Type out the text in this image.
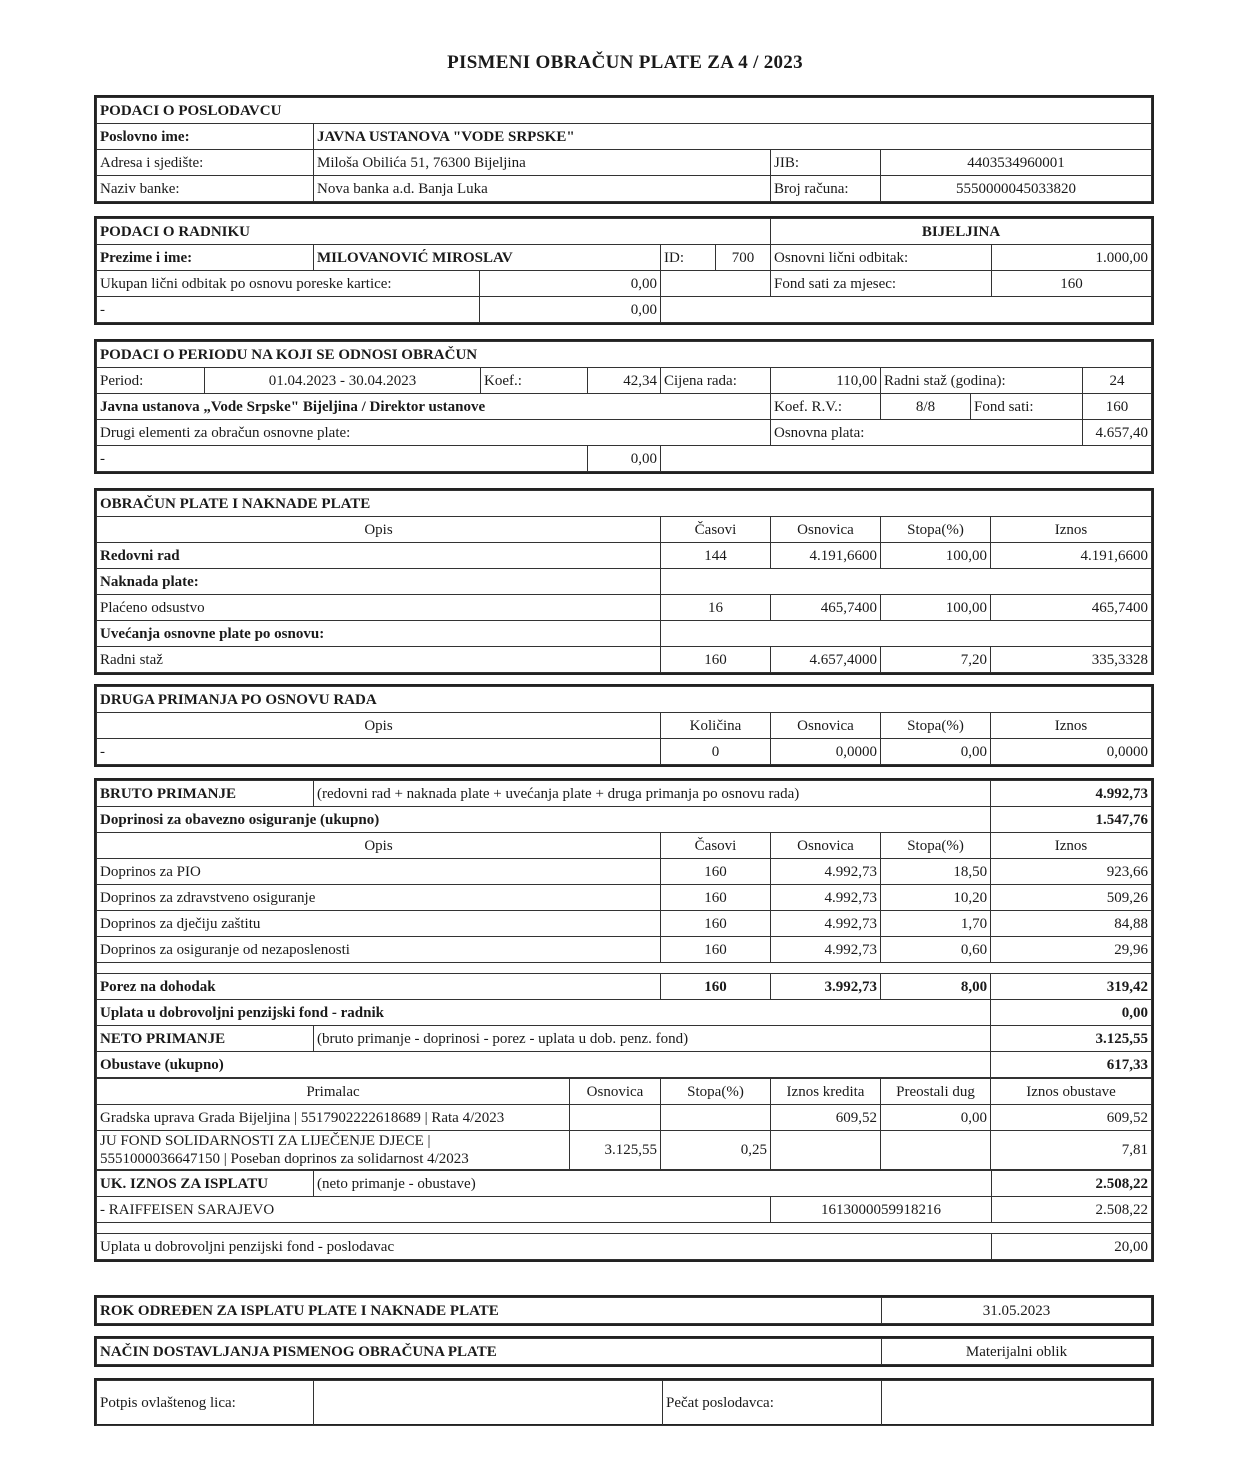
PISMENI OBRAČUN PLATE ZA 4 / 2023
PODACI O POSLODAVCU			
Poslovno ime:	JAVNA USTANOVA "VODE SRPSKE"		
Adresa i sjedište:	Miloša Obilića 51, 76300 Bijeljina	JIB:	4403534960001
Naziv banke:	Nova banka a.d. Banja Luka	Broj računa:	5550000045033820
PODACI O RADNIKU					BIJELJINA	
Prezime i ime:	MILOVANOVIĆ MIROSLAV		ID:	700	Osnovni lični odbitak:	1.000,00
Ukupan lični odbitak po osnovu poreske kartice:		0,00			Fond sati za mjesec:	160
-		0,00				
PODACI O PERIODU NA KOJI SE ODNOSI OBRAČUN								
Period:	01.04.2023 - 30.04.2023	Koef.:	42,34	Cijena rada:	110,00	Radni staž (godina):		24
Javna ustanova „Vode Srpske" Bijeljina / Direktor ustanove					Koef. R.V.:	8/8	Fond sati:	160
Drugi elementi za obračun osnovne plate:					Osnovna plata:			4.657,40
-			0,00					
OBRAČUN PLATE I NAKNADE PLATE				
Opis	Časovi	Osnovica	Stopa(%)	Iznos
Redovni rad	144	4.191,6600	100,00	4.191,6600
Naknada plate:				
Plaćeno odsustvo	16	465,7400	100,00	465,7400
Uvećanja osnovne plate po osnovu:				
Radni staž	160	4.657,4000	7,20	335,3328
DRUGA PRIMANJA PO OSNOVU RADA				
Opis	Količina	Osnovica	Stopa(%)	Iznos
-	0	0,0000	0,00	0,0000
BRUTO PRIMANJE	(redovni rad + naknada plate + uvećanja plate + druga primanja po osnovu rada)				4.992,73
Doprinosi za obavezno osiguranje (ukupno)					1.547,76
Opis		Časovi	Osnovica	Stopa(%)	Iznos
Doprinos za PIO		160	4.992,73	18,50	923,66
Doprinos za zdravstveno osiguranje		160	4.992,73	10,20	509,26
Doprinos za dječiju zaštitu		160	4.992,73	1,70	84,88
Doprinos za osiguranje od nezaposlenosti		160	4.992,73	0,60	29,96

Porez na dohodak		160	3.992,73	8,00	319,42
Uplata u dobrovoljni penzijski fond - radnik					0,00
NETO PRIMANJE	(bruto primanje - doprinosi - porez - uplata u dob. penz. fond)				3.125,55
Obustave (ukupno)					617,33
Primalac	Osnovica	Stopa(%)	Iznos kredita	Preostali dug	Iznos obustave
Gradska uprava Grada Bijeljina | 5517902222618689 | Rata 4/2023			609,52	0,00	609,52
JU FOND SOLIDARNOSTI ZA LIJEČENJE DJECE |
5551000036647150 | Poseban doprinos za solidarnost 4/2023	3.125,55	0,25			7,81
UK. IZNOS ZA ISPLATU	(neto primanje - obustave)		2.508,22
- RAIFFEISEN SARAJEVO		1613000059918216	2.508,22

Uplata u dobrovoljni penzijski fond - poslodavac			20,00
ROK ODREĐEN ZA ISPLATU PLATE I NAKNADE PLATE	31.05.2023
NAČIN DOSTAVLJANJA PISMENOG OBRAČUNA PLATE	Materijalni oblik
Potpis ovlaštenog lica:		Pečat poslodavca:	
